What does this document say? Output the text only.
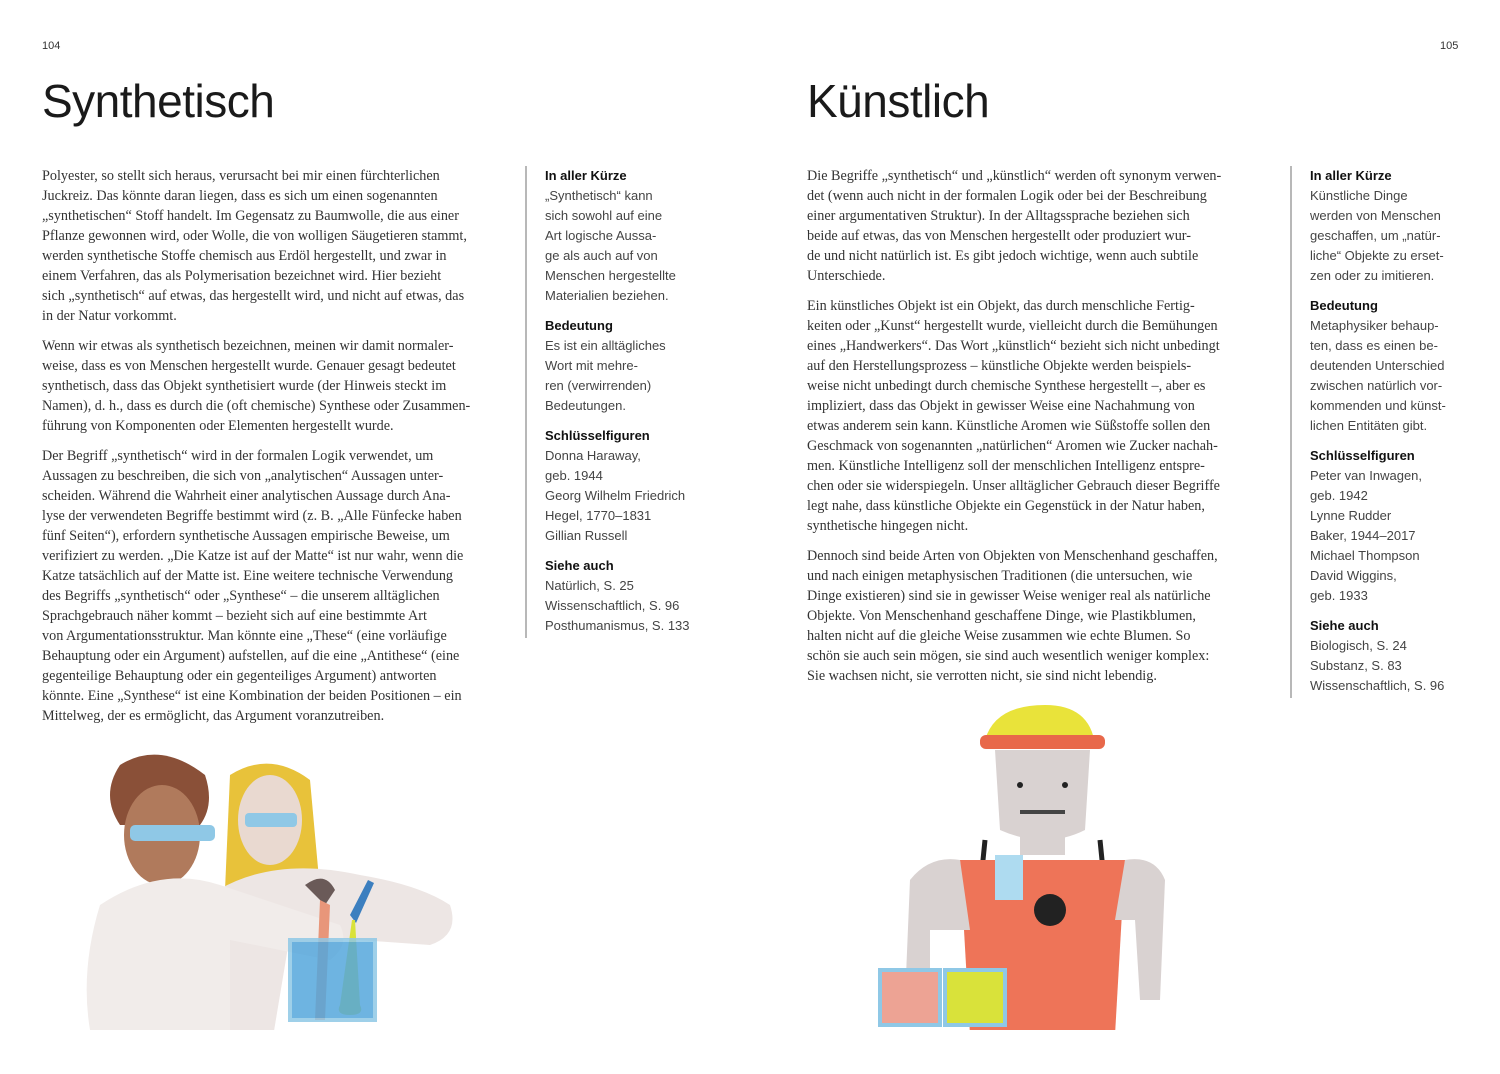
104
Synthetisch
Polyester, so stellt sich heraus, verursacht bei mir einen fürchterlichen
Juckreiz. Das könnte daran liegen, dass es sich um einen sogenannten
„synthetischen“ Stoff handelt. Im Gegensatz zu Baumwolle, die aus einer
Pflanze gewonnen wird, oder Wolle, die von wolligen Säugetieren stammt,
werden synthetische Stoffe chemisch aus Erdöl hergestellt, und zwar in
einem Verfahren, das als Polymerisation bezeichnet wird. Hier bezieht
sich „synthetisch“ auf etwas, das hergestellt wird, und nicht auf etwas, das
in der Natur vorkommt.
Wenn wir etwas als synthetisch bezeichnen, meinen wir damit normaler-
weise, dass es von Menschen hergestellt wurde. Genauer gesagt bedeutet
synthetisch, dass das Objekt synthetisiert wurde (der Hinweis steckt im
Namen), d. h., dass es durch die (oft chemische) Synthese oder Zusammen-
führung von Komponenten oder Elementen hergestellt wurde.
Der Begriff „synthetisch“ wird in der formalen Logik verwendet, um
Aussagen zu beschreiben, die sich von „analytischen“ Aussagen unter-
scheiden. Während die Wahrheit einer analytischen Aussage durch Ana-
lyse der verwendeten Begriffe bestimmt wird (z. B. „Alle Fünfecke haben
fünf Seiten“), erfordern synthetische Aussagen empirische Beweise, um
verifiziert zu werden. „Die Katze ist auf der Matte“ ist nur wahr, wenn die
Katze tatsächlich auf der Matte ist. Eine weitere technische Verwendung
des Begriffs „synthetisch“ oder „Synthese“ – die unserem alltäglichen
Sprachgebrauch näher kommt – bezieht sich auf eine bestimmte Art
von Argumentationsstruktur. Man könnte eine „These“ (eine vorläufige
Behauptung oder ein Argument) aufstellen, auf die eine „Antithese“ (eine
gegenteilige Behauptung oder ein gegenteiliges Argument) antworten
könnte. Eine „Synthese“ ist eine Kombination der beiden Positionen – ein
Mittelweg, der es ermöglicht, das Argument voranzutreiben.
In aller Kürze
„Synthetisch“ kann
sich sowohl auf eine
Art logische Aussa-
ge als auch auf von
Menschen hergestellte
Materialien beziehen.
Bedeutung
Es ist ein alltägliches
Wort mit mehre-
ren (verwirrenden)
Bedeutungen.
Schlüsselfiguren
Donna Haraway,
geb. 1944
Georg Wilhelm Friedrich
Hegel, 1770–1831
Gillian Russell
Siehe auch
Natürlich, S. 25
Wissenschaftlich, S. 96
Posthumanismus, S. 133
105
Künstlich
Die Begriffe „synthetisch“ und „künstlich“ werden oft synonym verwen-
det (wenn auch nicht in der formalen Logik oder bei der Beschreibung
einer argumentativen Struktur). In der Alltagssprache beziehen sich
beide auf etwas, das von Menschen hergestellt oder produziert wur-
de und nicht natürlich ist. Es gibt jedoch wichtige, wenn auch subtile
Unterschiede.
Ein künstliches Objekt ist ein Objekt, das durch menschliche Fertig-
keiten oder „Kunst“ hergestellt wurde, vielleicht durch die Bemühungen
eines „Handwerkers“. Das Wort „künstlich“ bezieht sich nicht unbedingt
auf den Herstellungsprozess – künstliche Objekte werden beispiels-
weise nicht unbedingt durch chemische Synthese hergestellt –, aber es
impliziert, dass das Objekt in gewisser Weise eine Nachahmung von
etwas anderem sein kann. Künstliche Aromen wie Süßstoffe sollen den
Geschmack von sogenannten „natürlichen“ Aromen wie Zucker nachah-
men. Künstliche Intelligenz soll der menschlichen Intelligenz entspre-
chen oder sie widerspiegeln. Unser alltäglicher Gebrauch dieser Begriffe
legt nahe, dass künstliche Objekte ein Gegenstück in der Natur haben,
synthetische hingegen nicht.
Dennoch sind beide Arten von Objekten von Menschenhand geschaffen,
und nach einigen metaphysischen Traditionen (die untersuchen, wie
Dinge existieren) sind sie in gewisser Weise weniger real als natürliche
Objekte. Von Menschenhand geschaffene Dinge, wie Plastikblumen,
halten nicht auf die gleiche Weise zusammen wie echte Blumen. So
schön sie auch sein mögen, sie sind auch wesentlich weniger komplex:
Sie wachsen nicht, sie verrotten nicht, sie sind nicht lebendig.
In aller Kürze
Künstliche Dinge
werden von Menschen
geschaffen, um „natür-
liche“ Objekte zu erset-
zen oder zu imitieren.
Bedeutung
Metaphysiker behaup-
ten, dass es einen be-
deutenden Unterschied
zwischen natürlich vor-
kommenden und künst-
lichen Entitäten gibt.
Schlüsselfiguren
Peter van Inwagen,
geb. 1942
Lynne Rudder
Baker, 1944–2017
Michael Thompson
David Wiggins,
geb. 1933
Siehe auch
Biologisch, S. 24
Substanz, S. 83
Wissenschaftlich, S. 96
